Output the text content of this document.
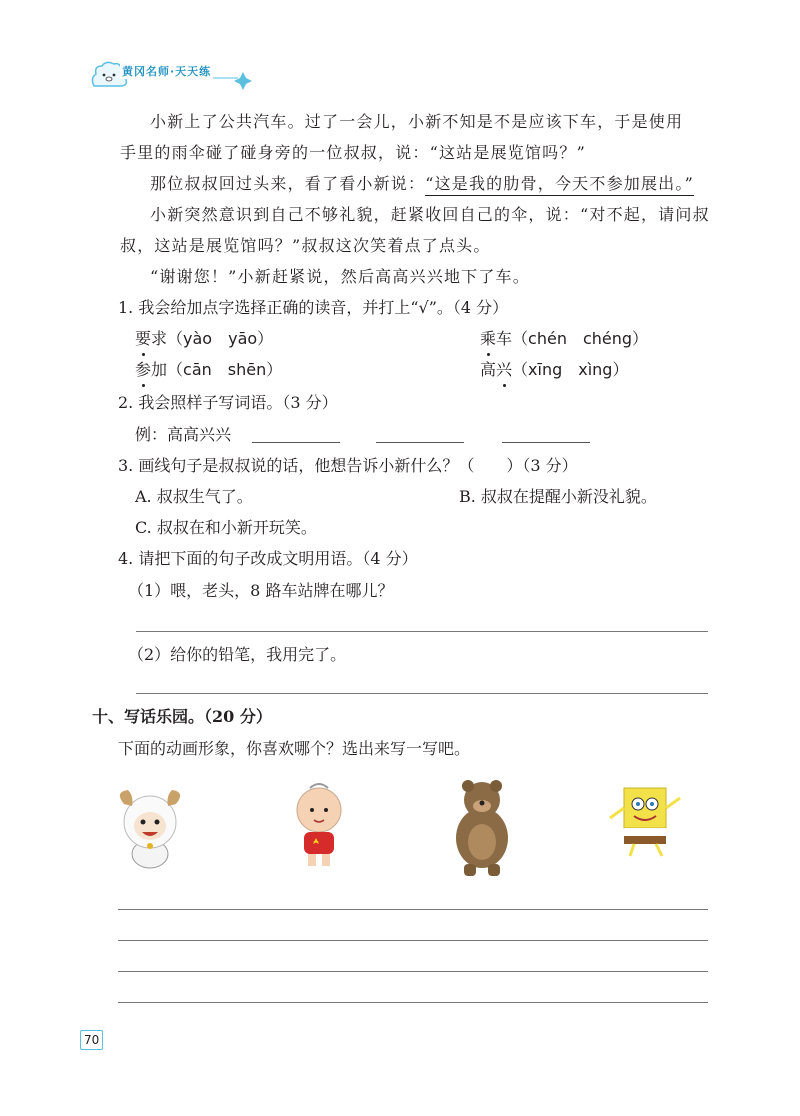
黄冈名师·天天练
小新上了公共汽车。过了一会儿，小新不知是不是应该下车，于是使用
手里的雨伞碰了碰身旁的一位叔叔，说：“这站是展览馆吗？”
那位叔叔回过头来，看了看小新说：“这是我的肋骨，今天不参加展出。”
小新突然意识到自己不够礼貌，赶紧收回自己的伞，说：“对不起，请问叔
叔，这站是展览馆吗？”叔叔这次笑着点了点头。
“谢谢您！”小新赶紧说，然后高高兴兴地下了车。
1. 我会给加点字选择正确的读音，并打上“√”。（4 分）
要求（yào　yāo）	乘车（chén　chéng）
参加（cān　shēn）	高兴（xīng　xìng）
2. 我会照样子写词语。（3 分）
例：高高兴兴
3. 画线句子是叔叔说的话，他想告诉小新什么？（　　）（3 分）
A. 叔叔生气了。	B. 叔叔在提醒小新没礼貌。
C. 叔叔在和小新开玩笑。
4. 请把下面的句子改成文明用语。（4 分）
（1）喂，老头，8 路车站牌在哪儿？
（2）给你的铅笔，我用完了。
十、写话乐园。（20 分）
下面的动画形象，你喜欢哪个？选出来写一写吧。
70
